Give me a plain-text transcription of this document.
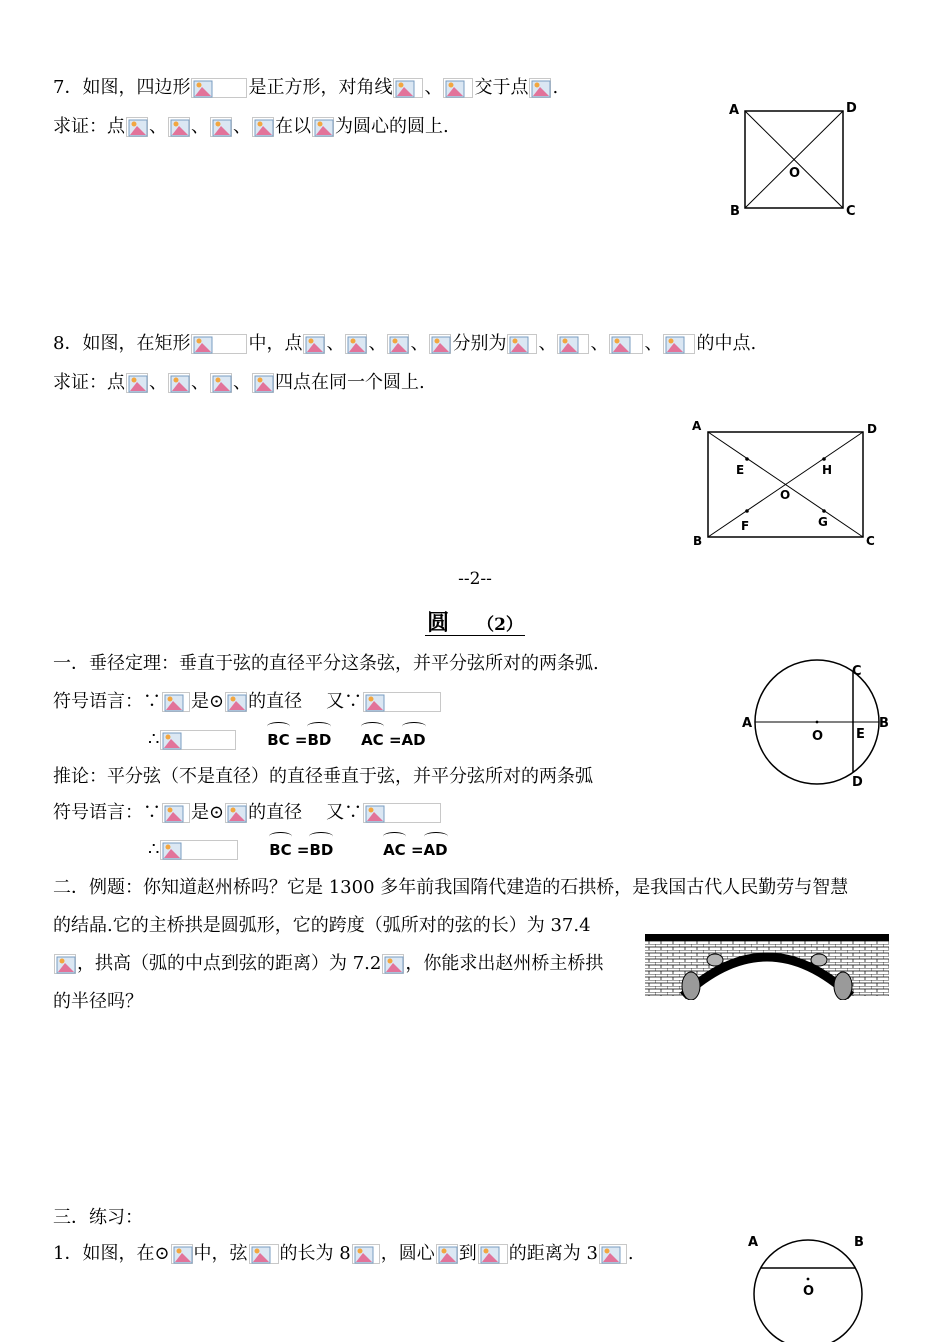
7．如图，四边形	是正方形，对角线 、 交于点 .
求证：点 、 、 、 在以 为圆心的圆上.
A	D
B	C
O
8．如图，在矩形	中，点 、 、 、 分别为 、 、 、 的中点.
求证：点 、 、 、 四点在同一个圆上.
A	D
B	C
E	H
F	G
O
--2--
圆 （2）
一．垂径定理：垂直于弦的直径平分这条弦，并平分弦所对的两条弧.
符号语言：∵ 是⊙ 的直径 又∵
∴	BC =BD AC =AD
推论：平分弦（不是直径）的直径垂直于弦，并平分弦所对的两条弧
符号语言：∵ 是⊙ 的直径 又∵
∴	BC =BD	AC =AD
A	B
C
D
E
O
二．例题：你知道赵州桥吗？它是 1300 多年前我国隋代建造的石拱桥，是我国古代人民勤劳与智慧
的结晶.它的主桥拱是圆弧形，它的跨度（弧所对的弦的长）为 37.4
，拱高（弧的中点到弦的距离）为 7.2 ，你能求出赵州桥主桥拱
的半径吗？
三．练习：
1．如图，在⊙ 中，弦 的长为 8 ，圆心 到 的距离为 3 .
A	B
O
